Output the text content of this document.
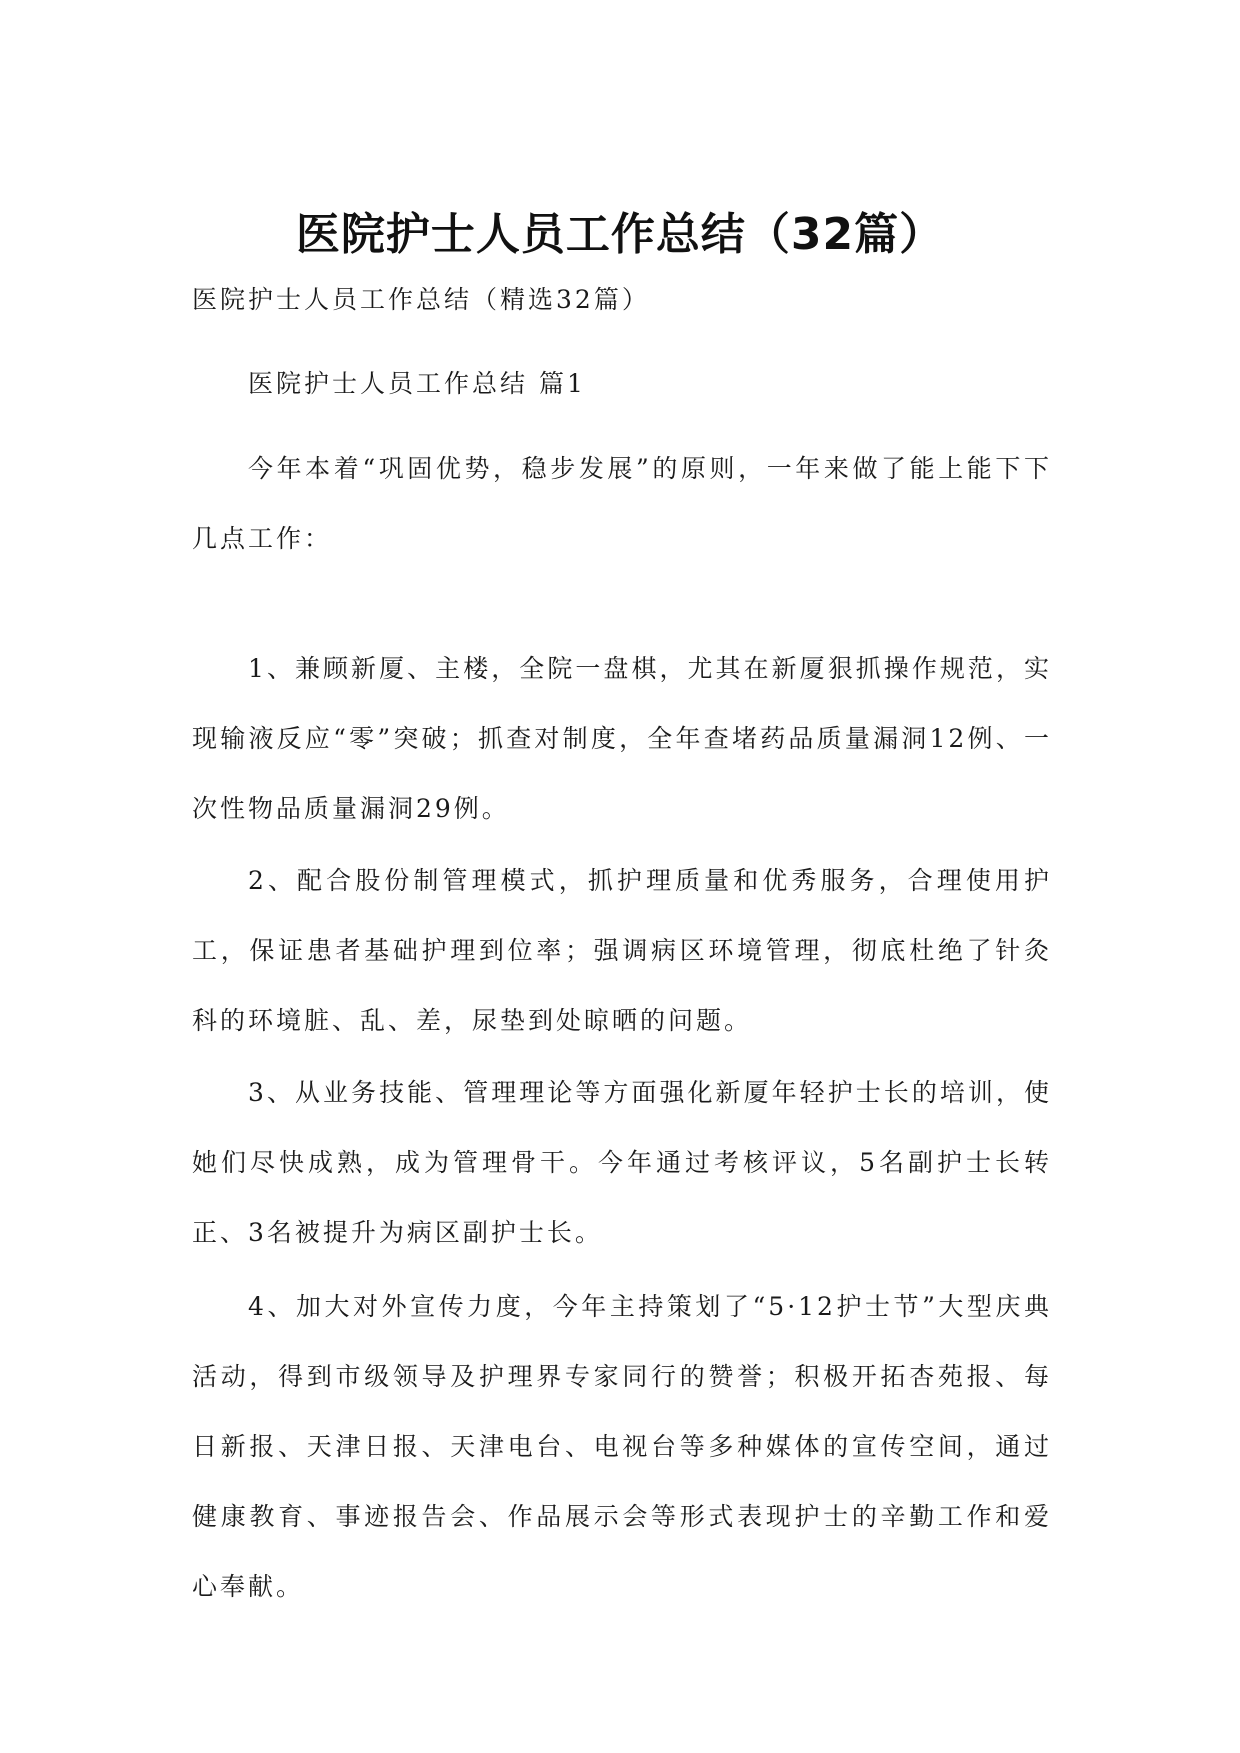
医院护士人员工作总结（32篇）
医院护士人员工作总结（精选32篇）
医院护士人员工作总结 篇1

今年本着“巩固优势，稳步发展”的原则，一年来做了能上能下下几点工作：

1、兼顾新厦、主楼，全院一盘棋，尤其在新厦狠抓操作规范，实现输液反应“零”突破；抓查对制度，全年查堵药品质量漏洞12例、一次性物品质量漏洞29例。

2、配合股份制管理模式，抓护理质量和优秀服务，合理使用护工，保证患者基础护理到位率；强调病区环境管理，彻底杜绝了针灸科的环境脏、乱、差，尿垫到处晾晒的问题。

3、从业务技能、管理理论等方面强化新厦年轻护士长的培训，使她们尽快成熟，成为管理骨干。今年通过考核评议，5名副护士长转正、3名被提升为病区副护士长。

4、加大对外宣传力度，今年主持策划了“5·12护士节”大型庆典活动，得到市级领导及护理界专家同行的赞誉；积极开拓杏苑报、每日新报、天津日报、天津电台、电视台等多种媒体的宣传空间，通过健康教育、事迹报告会、作品展示会等形式表现护士的辛勤工作和爱心奉献。
